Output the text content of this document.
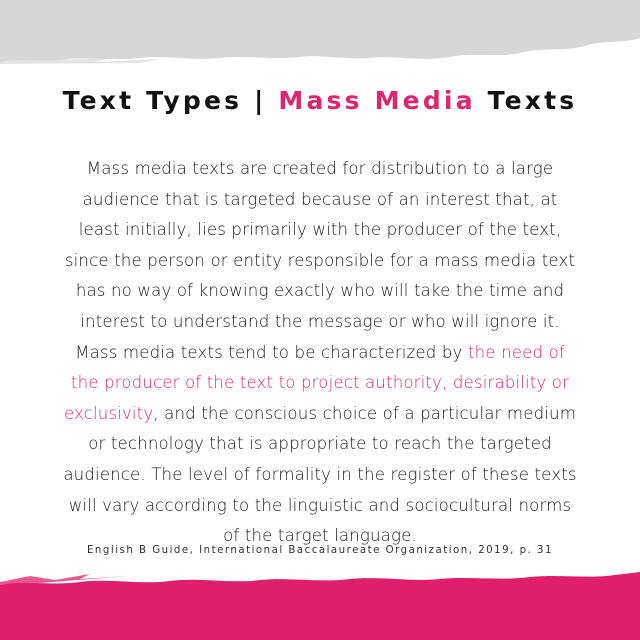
Text Types | Mass Media Texts
Mass media texts are created for distribution to a large
audience that is targeted because of an interest that, at
least initially, lies primarily with the producer of the text,
since the person or entity responsible for a mass media text
has no way of knowing exactly who will take the time and
interest to understand the message or who will ignore it.
Mass media texts tend to be characterized by the need of
the producer of the text to project authority, desirability or
exclusivity, and the conscious choice of a particular medium
or technology that is appropriate to reach the targeted
audience. The level of formality in the register of these texts
will vary according to the linguistic and sociocultural norms
of the target language.

English B Guide, International Baccalaureate Organization, 2019, p. 31
